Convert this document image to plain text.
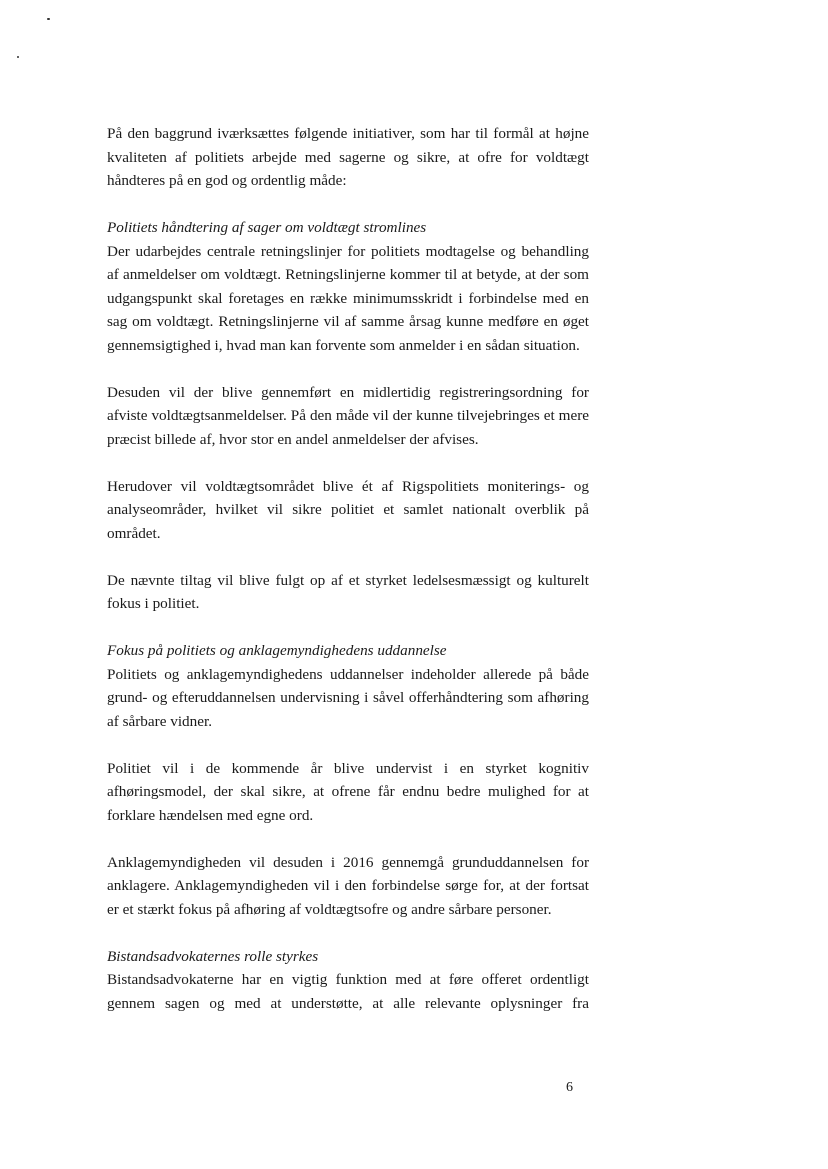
På den baggrund iværksættes følgende initiativer, som har til formål at højne kvaliteten af politiets arbejde med sagerne og sikre, at ofre for voldtægt håndteres på en god og ordentlig måde:

Politiets håndtering af sager om voldtægt stromlines

Der udarbejdes centrale retningslinjer for politiets modtagelse og behandling af anmeldelser om voldtægt. Retningslinjerne kommer til at betyde, at der som udgangspunkt skal foretages en række minimumsskridt i forbindelse med en sag om voldtægt. Retningslinjerne vil af samme årsag kunne medføre en øget gennemsigtighed i, hvad man kan forvente som anmelder i en sådan situation.

Desuden vil der blive gennemført en midlertidig registreringsordning for afviste voldtægtsanmeldelser. På den måde vil der kunne tilvejebringes et mere præcist billede af, hvor stor en andel anmeldelser der afvises.

Herudover vil voldtægtsområdet blive ét af Rigspolitiets moniterings- og analyseområder, hvilket vil sikre politiet et samlet nationalt overblik på området.

De nævnte tiltag vil blive fulgt op af et styrket ledelsesmæssigt og kulturelt fokus i politiet.

Fokus på politiets og anklagemyndighedens uddannelse

Politiets og anklagemyndighedens uddannelser indeholder allerede på både grund- og efteruddannelsen undervisning i såvel offerhåndtering som afhøring af sårbare vidner.

Politiet vil i de kommende år blive undervist i en styrket kognitiv afhøringsmodel, der skal sikre, at ofrene får endnu bedre mulighed for at forklare hændelsen med egne ord.

Anklagemyndigheden vil desuden i 2016 gennemgå grunduddannelsen for anklagere. Anklagemyndigheden vil i den forbindelse sørge for, at der fortsat er et stærkt fokus på afhøring af voldtægtsofre og andre sårbare personer.

Bistandsadvokaternes rolle styrkes

Bistandsadvokaterne har en vigtig funktion med at føre offeret ordentligt gennem sagen og med at understøtte, at alle relevante oplysninger fra

6
